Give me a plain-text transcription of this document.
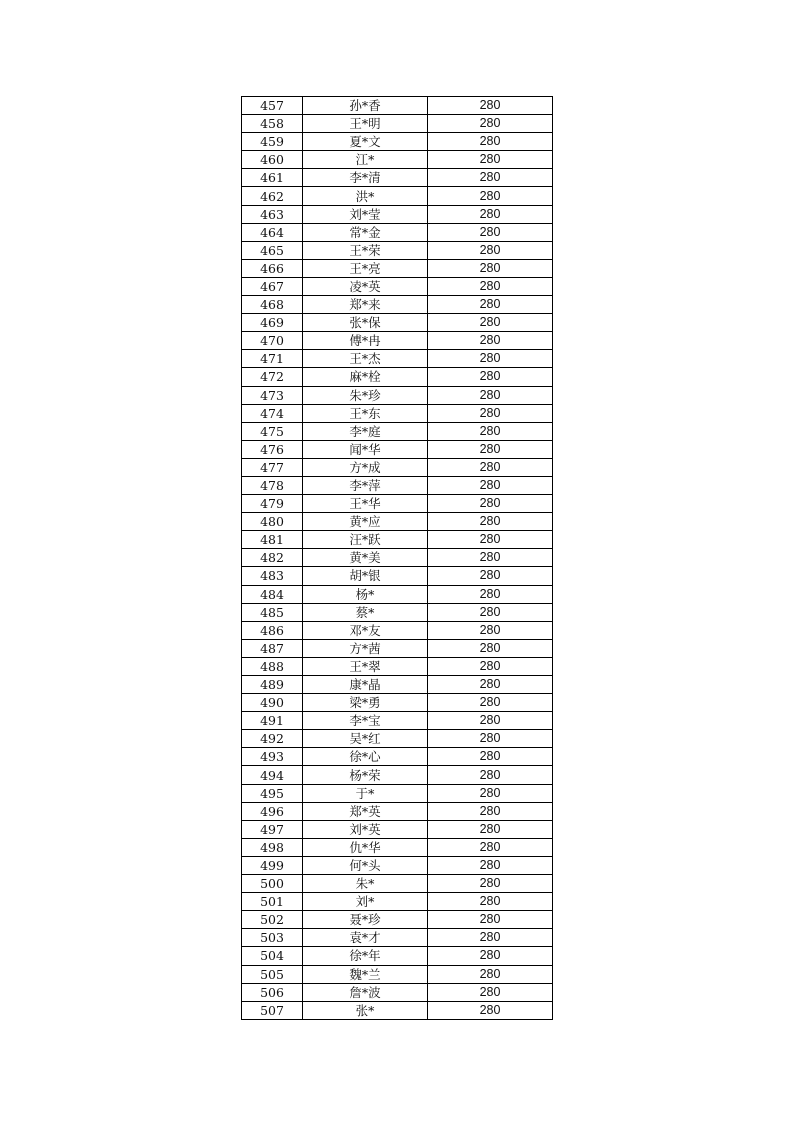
457	孙*香	280
458	王*明	280
459	夏*文	280
460	江*	280
461	李*清	280
462	洪*	280
463	刘*莹	280
464	常*金	280
465	王*荣	280
466	王*亮	280
467	凌*英	280
468	郑*来	280
469	张*保	280
470	傅*冉	280
471	王*杰	280
472	麻*栓	280
473	朱*珍	280
474	王*东	280
475	李*庭	280
476	闻*华	280
477	方*成	280
478	李*萍	280
479	王*华	280
480	黄*应	280
481	汪*跃	280
482	黄*美	280
483	胡*银	280
484	杨*	280
485	蔡*	280
486	邓*友	280
487	方*茜	280
488	王*翠	280
489	康*晶	280
490	梁*勇	280
491	李*宝	280
492	吴*红	280
493	徐*心	280
494	杨*荣	280
495	于*	280
496	郑*英	280
497	刘*英	280
498	仇*华	280
499	何*头	280
500	朱*	280
501	刘*	280
502	聂*珍	280
503	袁*才	280
504	徐*年	280
505	魏*兰	280
506	詹*波	280
507	张*	280
